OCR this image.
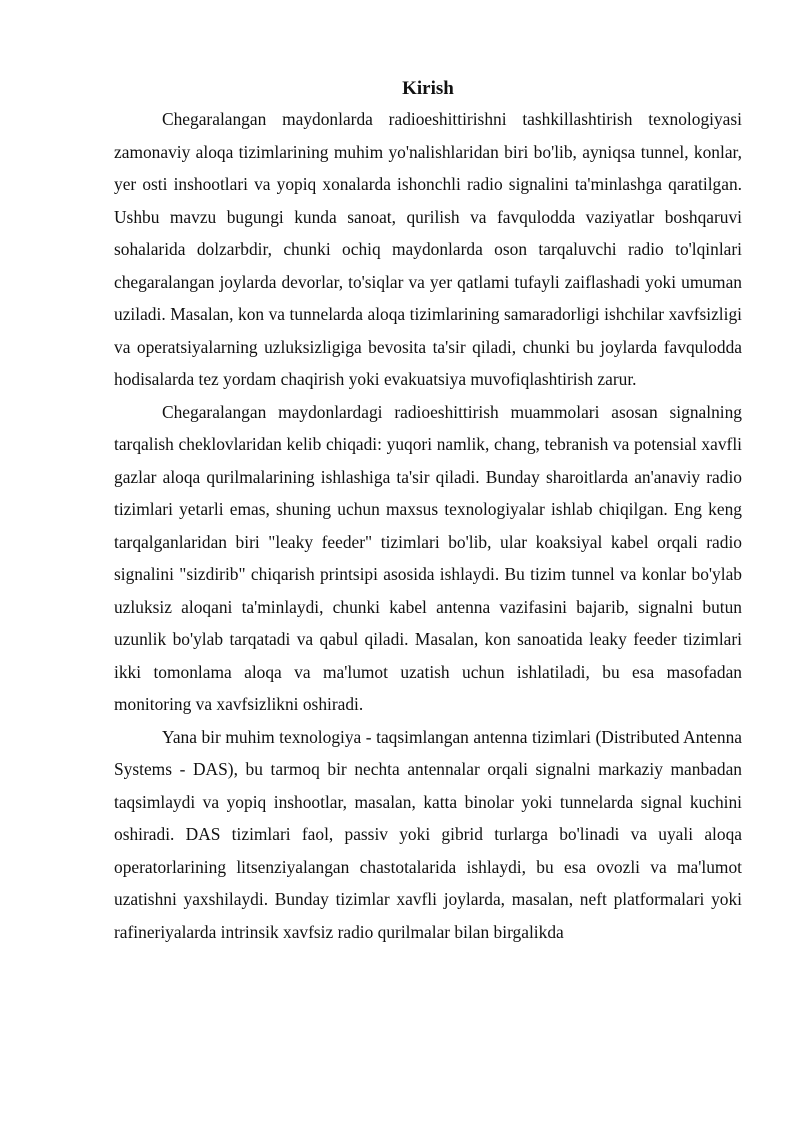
Kirish

Chegaralangan maydonlarda radioeshittirishni tashkillashtirish texnologiyasi zamonaviy aloqa tizimlarining muhim yo'nalishlaridan biri bo'lib, ayniqsa tunnel, konlar, yer osti inshootlari va yopiq xonalarda ishonchli radio signalini ta'minlashga qaratilgan. Ushbu mavzu bugungi kunda sanoat, qurilish va favqulodda vaziyatlar boshqaruvi sohalarida dolzarbdir, chunki ochiq maydonlarda oson tarqaluvchi radio to'lqinlari chegaralangan joylarda devorlar, to'siqlar va yer qatlami tufayli zaiflashadi yoki umuman uziladi. Masalan, kon va tunnelarda aloqa tizimlarining samaradorligi ishchilar xavfsizligi va operatsiyalarning uzluksizligiga bevosita ta'sir qiladi, chunki bu joylarda favqulodda hodisalarda tez yordam chaqirish yoki evakuatsiya muvofiqlashtirish zarur.

Chegaralangan maydonlardagi radioeshittirish muammolari asosan signalning tarqalish cheklovlaridan kelib chiqadi: yuqori namlik, chang, tebranish va potensial xavfli gazlar aloqa qurilmalarining ishlashiga ta'sir qiladi. Bunday sharoitlarda an'anaviy radio tizimlari yetarli emas, shuning uchun maxsus texnologiyalar ishlab chiqilgan. Eng keng tarqalganlaridan biri "leaky feeder" tizimlari bo'lib, ular koaksiyal kabel orqali radio signalini "sizdirib" chiqarish printsipi asosida ishlaydi. Bu tizim tunnel va konlar bo'ylab uzluksiz aloqani ta'minlaydi, chunki kabel antenna vazifasini bajarib, signalni butun uzunlik bo'ylab tarqatadi va qabul qiladi. Masalan, kon sanoatida leaky feeder tizimlari ikki tomonlama aloqa va ma'lumot uzatish uchun ishlatiladi, bu esa masofadan monitoring va xavfsizlikni oshiradi.

Yana bir muhim texnologiya - taqsimlangan antenna tizimlari (Distributed Antenna Systems - DAS), bu tarmoq bir nechta antennalar orqali signalni markaziy manbadan taqsimlaydi va yopiq inshootlar, masalan, katta binolar yoki tunnelarda signal kuchini oshiradi. DAS tizimlari faol, passiv yoki gibrid turlarga bo'linadi va uyali aloqa operatorlarining litsenziyalangan chastotalarida ishlaydi, bu esa ovozli va ma'lumot uzatishni yaxshilaydi. Bunday tizimlar xavfli joylarda, masalan, neft platformalari yoki rafineriyalarda intrinsik xavfsiz radio qurilmalar bilan birgalikda
